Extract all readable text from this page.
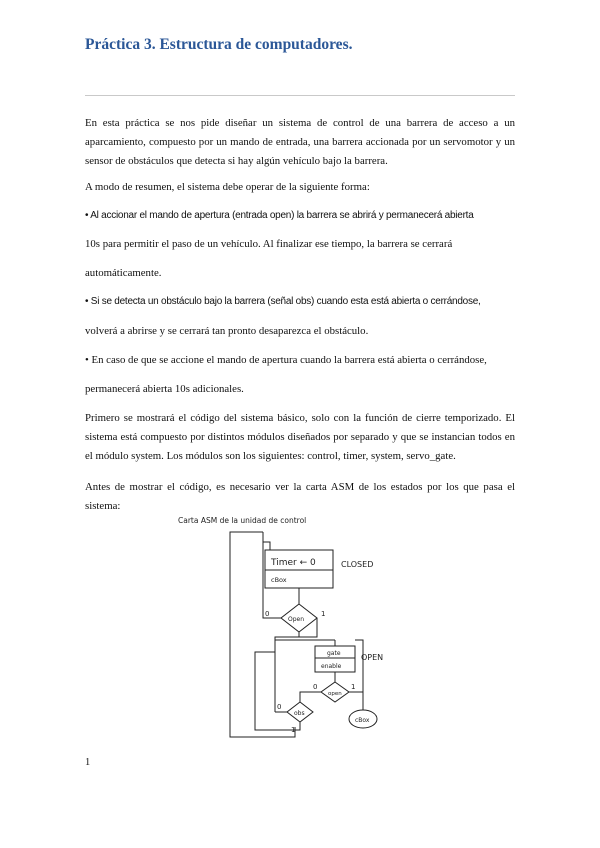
Práctica 3. Estructura de computadores.

En esta práctica se nos pide diseñar un sistema de control de una barrera de acceso a un aparcamiento, compuesto por un mando de entrada, una barrera accionada por un servomotor y un sensor de obstáculos que detecta si hay algún vehículo bajo la barrera.

A modo de resumen, el sistema debe operar de la siguiente forma:

• Al accionar el mando de apertura (entrada open) la barrera se abrirá y permanecerá abierta

10s para permitir el paso de un vehículo. Al finalizar ese tiempo, la barrera se cerrará

automáticamente.

• Si se detecta un obstáculo bajo la barrera (señal obs) cuando esta está abierta o cerrándose,

volverá a abrirse y se cerrará tan pronto desaparezca el obstáculo.

• En caso de que se accione el mando de apertura cuando la barrera está abierta o cerrándose,

permanecerá abierta 10s adicionales.

Primero se mostrará el código del sistema básico, solo con la función de cierre temporizado. El sistema está compuesto por distintos módulos diseñados por separado y que se instancian todos en el módulo system. Los módulos son los siguientes: control, timer, system, servo_gate.

Antes de mostrar el código, es necesario ver la carta ASM de los estados por los que pasa el sistema:

Carta ASM de la unidad de control
Timer ← 0
cBox
CLOSED
Open
0	1
gate
enable
OPEN
open
0	1
obs
0
1
cBox
1
